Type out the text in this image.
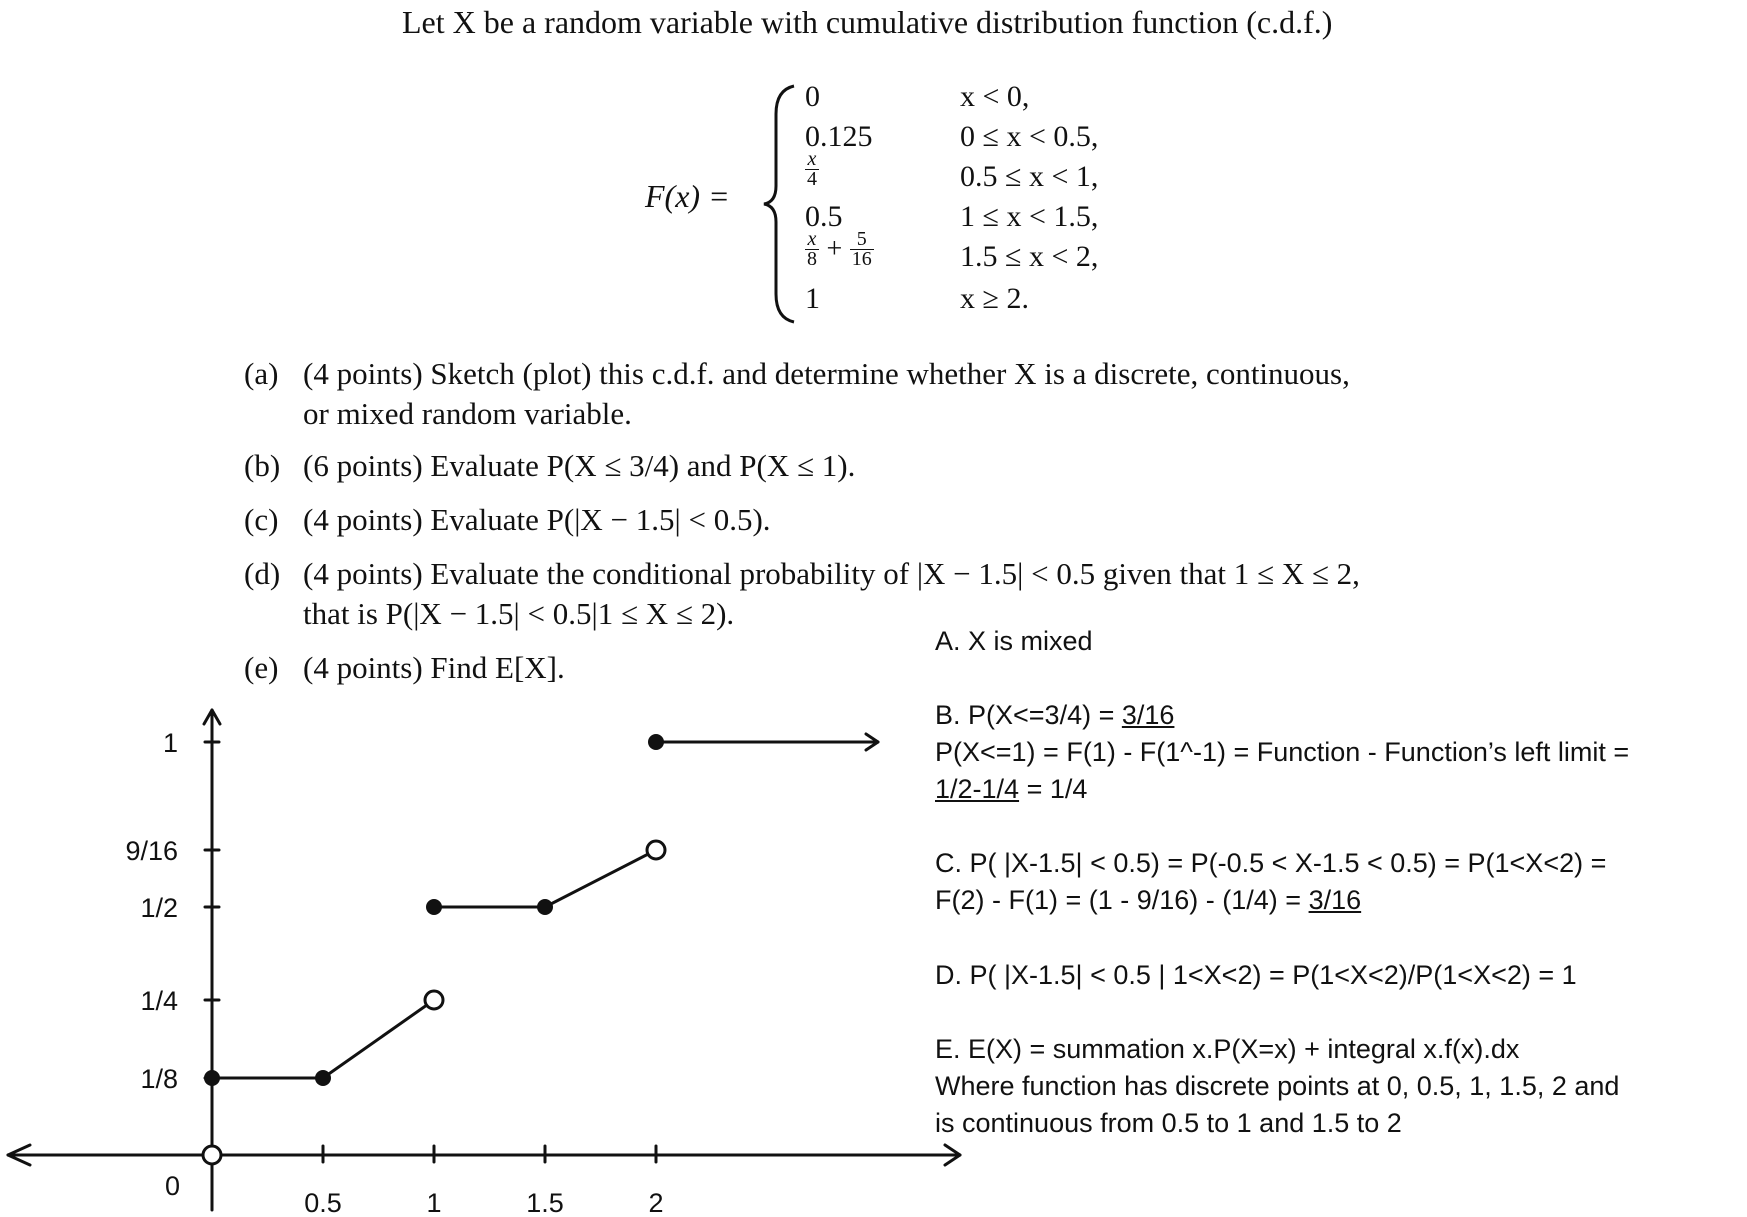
Let X be a random variable with cumulative distribution function (c.d.f.)
F(x) =
0	x < 0,
0.125	0 ≤ x < 0.5,
$\frac{x}{4}$	0.5 ≤ x < 1,
0.5	1 ≤ x < 1.5,
$\frac{x}{8} + \frac{5}{16}$	1.5 ≤ x < 2,
1	x ≥ 2.
(a) (4 points) Sketch (plot) this c.d.f. and determine whether X is a discrete, continuous,
or mixed random variable.
(b) (6 points) Evaluate P(X ≤ 3/4) and P(X ≤ 1).
(c) (4 points) Evaluate P(|X − 1.5| < 0.5).
(d) (4 points) Evaluate the conditional probability of |X − 1.5| < 0.5 given that 1 ≤ X ≤ 2,
that is P(|X − 1.5| < 0.5|1 ≤ X ≤ 2).
(e) (4 points) Find E[X].
A. X is mixed
B. P(X<=3/4) = 3/16
P(X<=1) = F(1) - F(1^-1) = Function - Function’s left limit =
1/2-1/4 = 1/4
C. P( |X-1.5| < 0.5) = P(-0.5 < X-1.5 < 0.5) = P(1<X<2) =
F(2) - F(1) = (1 - 9/16) - (1/4) = 3/16
D. P( |X-1.5| < 0.5 | 1<X<2) = P(1<X<2)/P(1<X<2) = 1
E. E(X) = summation x.P(X=x) + integral x.f(x).dx
Where function has discrete points at 0, 0.5, 1, 1.5, 2 and
is continuous from 0.5 to 1 and 1.5 to 2
0.5	1	1.5	2
0
1/8
1/4
1/2
9/16
1
